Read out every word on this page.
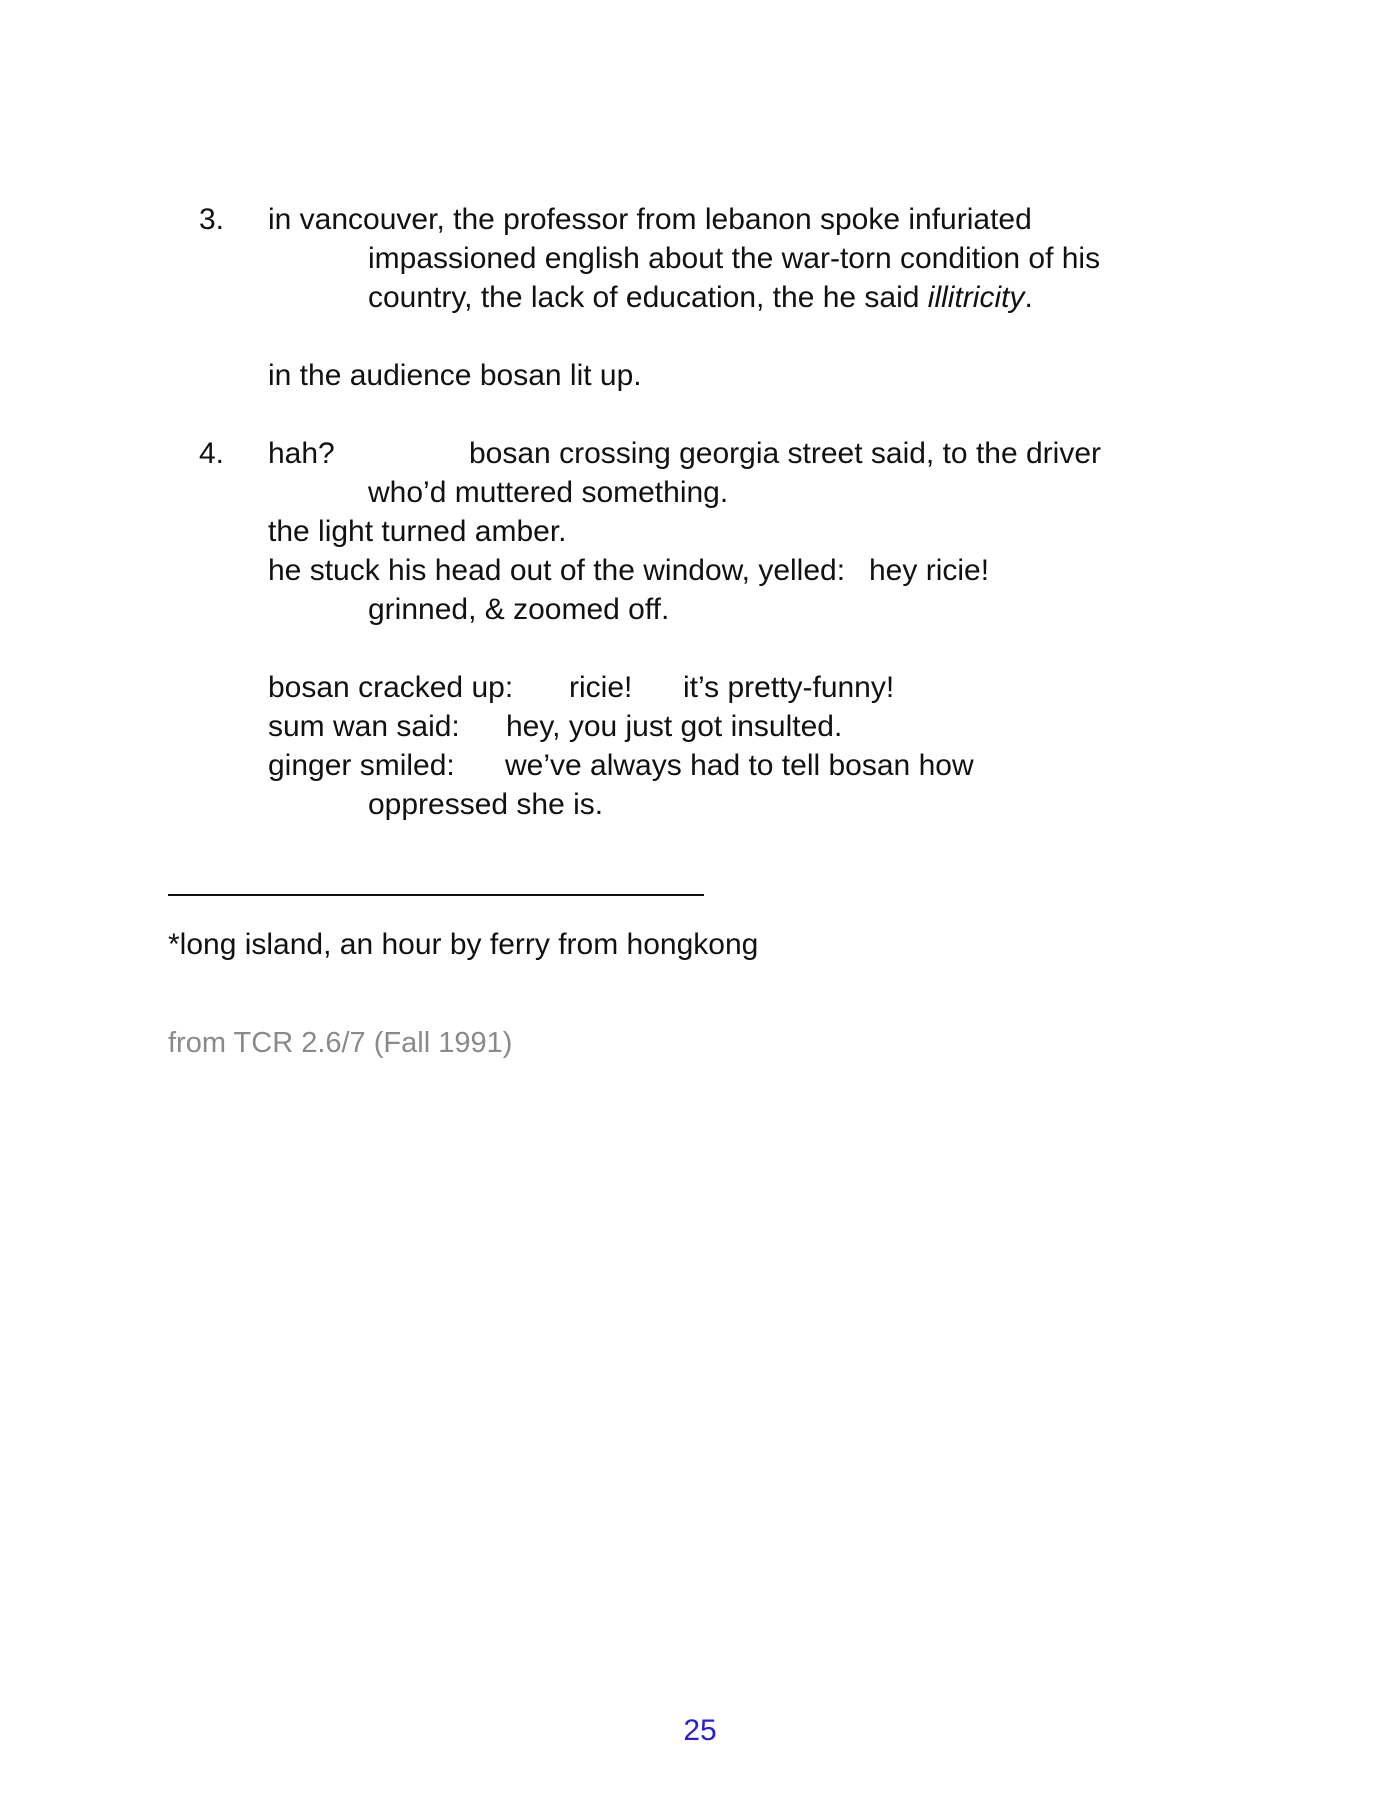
3. in vancouver, the professor from lebanon spoke infuriated
impassioned english about the war-torn condition of his
country, the lack of education, the he said illitricity.
in the audience bosan lit up.
4. hah?	bosan crossing georgia street said, to the driver
who’d muttered something.
the light turned amber.
he stuck his head out of the window, yelled: hey ricie!
grinned, & zoomed off.
bosan cracked up: ricie! it’s pretty-funny!
sum wan said: hey, you just got insulted.
ginger smiled: we’ve always had to tell bosan how
oppressed she is.
*long island, an hour by ferry from hongkong
from TCR 2.6/7 (Fall 1991)
25
